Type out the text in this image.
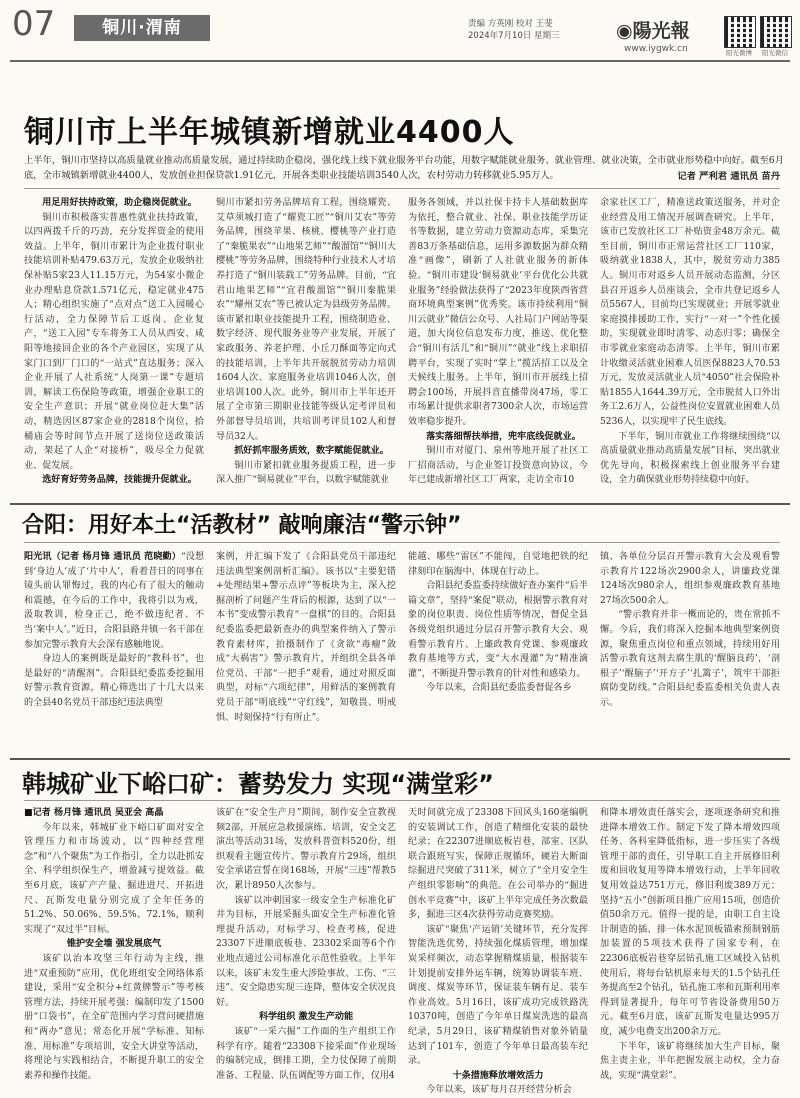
07	铜川·渭南	责编 方英刚 校对 王斐
2024年7月10日 星期三	◉陽光報
www.iygwk.cn	阳光微博	阳光微信
铜川市上半年城镇新增就业4400人
上半年，铜川市坚持以高质量就业推动高质量发展，通过持续助企稳岗，强化线上线下就业服务平台功能，用数字赋能就业服务、就业管理、就业决策，全市就业形势稳中向好。截至6月底，全市城镇新增就业4400人，发放创业担保贷款1.91亿元，开展各类职业技能培训3540人次，农村劳动力转移就业5.95万人。	记者 严利君 通讯员 苗丹

用足用好扶持政策，助企稳岗促就业。

铜川市积极落实普惠性就业扶持政策，以四两拨千斤的巧劲，充分发挥资金的使用效益。上半年，铜川市累计为企业拨付职业技能培训补贴479.63万元，发放企业吸纳社保补贴5家23人11.15万元，为54家小微企业办理贴息贷款1.571亿元，稳定就业475人；精心组织实施了“点对点”送工入园暖心行活动，全力保障节后工返岗、企业复产，“送工入园”专车将务工人员从西安、咸阳等地接回企业的各个产业园区，实现了从家门口到厂门口的“一站式”直达服务；深入企业开展了人社系统“人岗第一课”专题培训，解读工伤保险等政策，增强企业职工的安全生产意识；开展“就业岗位赶大集”活动，精选因区87家企业的2818个岗位，拾桶庙会等时间节点开展了送岗位送政策活动，架起了人企“对接桥”，吸尽全力促就业、促发展。

选好育好劳务品牌，技能提升促就业。

铜川市紧扣劳务品牌培育工程，围绕耀瓷、艾草须城打造了“耀瓷工匠”“铜川艾农”等劳务品牌，围绕苹果、核桃、樱桃等产业打造了“秦脆果农”“山地果艺师”“酸溜馆”“铜川大樱桃”等劳务品牌，围绕特种行业技术人才培养打造了“铜川装载工”劳务品牌。目前，“宜君山地果艺师”“宜君酸溜馆”“铜川秦脆果农”“耀州艾农”等已被认定为县级劳务品牌。该市紧扣职业技能提升工程，围绕制造业、数字经济、现代服务业等产业发展，开展了家政服务、养老护理、小丘刀酥面等定向式的技能培训，上半年共开展脱贫劳动力培训1604人次、家庭服务业培训1046人次，创业培训100人次。此外，铜川市上半年还开展了全市第三期职业技能等级认定考评员和外部督导员培训，共培训考评员102人和督导员32人。

抓好抓牢服务质效，数字赋能促就业。

铜川市紧扣就业服务提质工程，进一步深入推广“铜易就业”平台，以数字赋能就业

服务各领域，并以社保卡持卡人基础数据库为依托，整合就业、社保、职业技能学历证书等数据，建立劳动力资源动态库，采集完善83万条基础信息，运用多源数据为群众精准“画像”，刷新了人社就业服务的新体验。“铜川市建设‘铜易就业’平台优化公共就业服务”经验做法获得了“2023年度陕西省营商环境典型案例”优秀奖。该市持续利用“铜川云就业”微信公众号、人社局门户网站等渠道，加大岗位信息发布力度，推送、优化整合“铜川有活儿”和“铜川”“就业”线上求职招聘平台，实现了实时“掌上”揽活招工以及全天候线上服务。上半年，铜川市开展线上招聘会100场，开展抖音直播带岗47场，零工市场累计提供求职者7300余人次，市场运营效率稳步提升。

落实落细帮扶举措，兜牢底线促就业。

铜川市对厦门、泉州等地开展了社区工厂招商活动，与企业签订投资意向协议，今年已建成新增社区工厂两家，走访全市10

余家社区工厂，精准送政策送服务，并对企业经营及用工情况开展调查研究。上半年，该市已发放社区工厂补贴资金48万余元。截至目前，铜川市正常运营社区工厂110家，吸纳就业1838人，其中，脱贫劳动力385人。铜川市对返乡人员开展动态监测，分区县召开返乡人员座谈会，全市共登记返乡人员5567人，目前均已实现就业；开展零就业家庭摸排援助工作，实行“一对一”个性化援助，实现就业即时清零、动态归零；确保全市零就业家庭动态清零。上半年，铜川市累计收缴灵活就业困难人员医保8823人70.53万元，发放灵活就业人员“4050”社会保险补贴1855人1644.39万元，全市脱贫人口外出务工2.6万人，公益性岗位安置就业困难人员5236人，以实现牢了民生底线。

下半年，铜川市就业工作将继续围绕“以高质量就业推动高质量发展”目标，突出就业优先导向，积极探索线上创业服务平台建设，全力确保就业形势持续稳中向好。

合阳：用好本土“活教材” 敲响廉洁“警示钟”

阳光讯（记者 杨月锋 通讯员 范晓勤）“没想到‘身边人’成了‘片中人’，看着昔日的同事在镜头前认罪悔过，我的内心有了很大的触动和震撼，在今后的工作中，我将引以为戒，汲取教训，检身正己，绝不做违纪者、不当‘案中人’。”近日，合阳县路井镇一名干部在参加完警示教育大会深有感触地说。

身边人的案例既是最好的“教科书”，也是最好的“清醒剂”。合阳县纪委监委挖掘用好警示教育资源，精心筛选出了十几大以来的全县40名党员干部违纪违法典型

案例，并汇编下发了《合阳县党员干部违纪违法典型案例剖析汇编》。该书以“主要犯错+处理结果+警示点评”等板块为主，深入挖掘剖析了问题产生背后的根源，达到了以“一本书”变成警示教育“一盘棋”的目的。合阳县纪委监委把最新查办的典型案件纳入了警示教育素材库，拍摄制作了《贪欲“毒瘤”敛成“大祸害”》警示教育片，并组织全县各单位党员、干部“一把手”观看，通过对照反面典型，对标“六项纪律”，用鲜活的案例教育党员干部“明底线”“守红线”，知敬畏、明戒惧、时刻保持“行有所止”。

能越、哪些“雷区”不能闯，自觉地把铁的纪律刻印在脑海中、体现在行动上。

合阳县纪委监委持续做好查办案件“后半篇文章”，坚持“案促”联动，根据警示教育对象的岗位职责、岗位性质等情况，督促全县各级党组织通过分层召开警示教育大会、观看警示教育片、上廉政教育党课、参观廉政教育基地等方式，变“大水漫灌”为“精准滴灌”，不断提升警示教育的针对性和感染力。

今年以来，合阳县纪委监委督促各乡

镇、各单位分层召开警示教育大会及观看警示教育片122场次2900余人，讲廉政党课124场次980余人，组织参观廉政教育基地27场次500余人。

“警示教育并非一概而论的，贵在常抓不懈。今后，我们将深入挖掘本地典型案例资源，聚焦重点岗位和重点领域，持续用好用活警示教育这剂去腐生肌的‘醒脑良药’，‘剖根子’‘醒脑子’‘开方子’‘扎篱子’，筑牢干部拒腐防变防线。”合阳县纪委监委相关负责人表示。

韩城矿业下峪口矿：蓄势发力 实现“满堂彩”

■记者 杨月锋 通讯员 吴亚会 高晶

今年以来，韩城矿业下峪口矿面对安全管理压力和市场波动，以“四种经营理念”和“八个聚焦”为工作指引，全力以赴抓安全、科学组织保生产，增盈减亏提效益。截至6月底，该矿产产量、掘进进尺、开拓进尺、瓦斯发电量分别完成了全年任务的51.2%、50.06%、59.5%、72.1%，顺利实现了“双过半”目标。

锥护安全墙 强发展底气

该矿以治本攻坚三年行动为主线，推进“双重预防”应用，优化班组安全网络体系建设，采用“安全积分+红黄牌警示”等考核管理方法，持续开展考强：编制印发了1500册“口袋书”，在全矿范围内学习营问硬措施和“两办”意见；常态化开展“学标准、知标准、用标准”专项培训，安全大讲堂等活动，将理论与实践相结合，不断提升职工的安全素养和操作技能。

该矿在“安全生产月”期间，制作安全宣教视频2部，开展应急救援演练、培训，安全文艺演出等活动31场，发放科普资料520份，组织观看主题宣传片、警示教育片29场，组织安全承诺宣誓在岗168场，开展“三违”帮教5次，累计8950人次参与。

该矿以冲刺国家一级安全生产标准化矿井为目标，开展采掘头面安全生产标准化管理提升活动，对标学习、检查考核，促进23307下进顺底板巷、23302采面等6个作业地点通过公司标准化示范性验收。上半年以来，该矿未发生重大涉险事故、工伤、“三违”、安全隐患实现三连降，整体安全状况良好。

科学组织 激发生产动能

该矿“一采六掘”工作面的生产组织工作科学有序。随着“23308下接采面”作业现场的编制完成，倒排工期，全力仗保障了前期准备、工程量、队伍调配等方面工作，仅用4

天时间就完成了23308下回风头160毫编帆的安装调试工作，创造了精细化安装的最快纪录；在22307进顺底板岩巷，部室、区队联合跟班写实，保障正规循环，硬岩大断面综掘进尺突破了311米，树立了“全月安全生产组织零影响”的典范。在公司举办的“掘进创水平竞赛”中，该矿上半年完成任务次数最多，掘进三区4次获得劳动竞赛奖励。

该矿“聚焦‘产运销’关键环节，充分发挥智能洗选优势，持续强化煤质管理，增加煤炭采样频次，动态掌握精煤质量，根据装车计划提前安排外运车辆，统筹协调装车班、调度、煤炭等环节，保证装车辆有足、装车作业高效。5月16日，该矿成功完成铁路洗10370吨，创造了今年单日煤炭洗选的最高纪录，5月29日，该矿精煤销售对象外销量达到了101车，创造了今年单日最高装车纪录。

十条措施释放增效活力

今年以来，该矿每月召开经营分析会

和降本增效责任落实会，逐项逐条研究和推进降本增效工作。制定下发了降本增效四项任务、各科室降低指标，进一步压实了各级管理干部的责任，引导职工自主开展修旧利废和回收复用等降本增效行动，上半年回收复用效益达751万元，修旧利废389万元；坚持“五小”创新项目推广应用15项，创造价值50余万元。值得一提的是，由职工自主设计制造的插、排一体水泥顶板锚索预制钢筋加装置的5项技术获得了国家专利，在22306底板岩巷穿层钻孔施工区域投入钻机使用后，将每台钻机原来每天的1.5个钻孔任务提高至2个钻孔，钻孔施工率和瓦斯利用率得到显著提升，每年可节省设备费用50万元。截至6月底，该矿瓦斯发电量达995万度，减少电费支出200余万元。

下半年，该矿将继续加大生产目标，聚焦主责主业，半年把握发展主动权，全力奋战，实现“满堂彩”。
